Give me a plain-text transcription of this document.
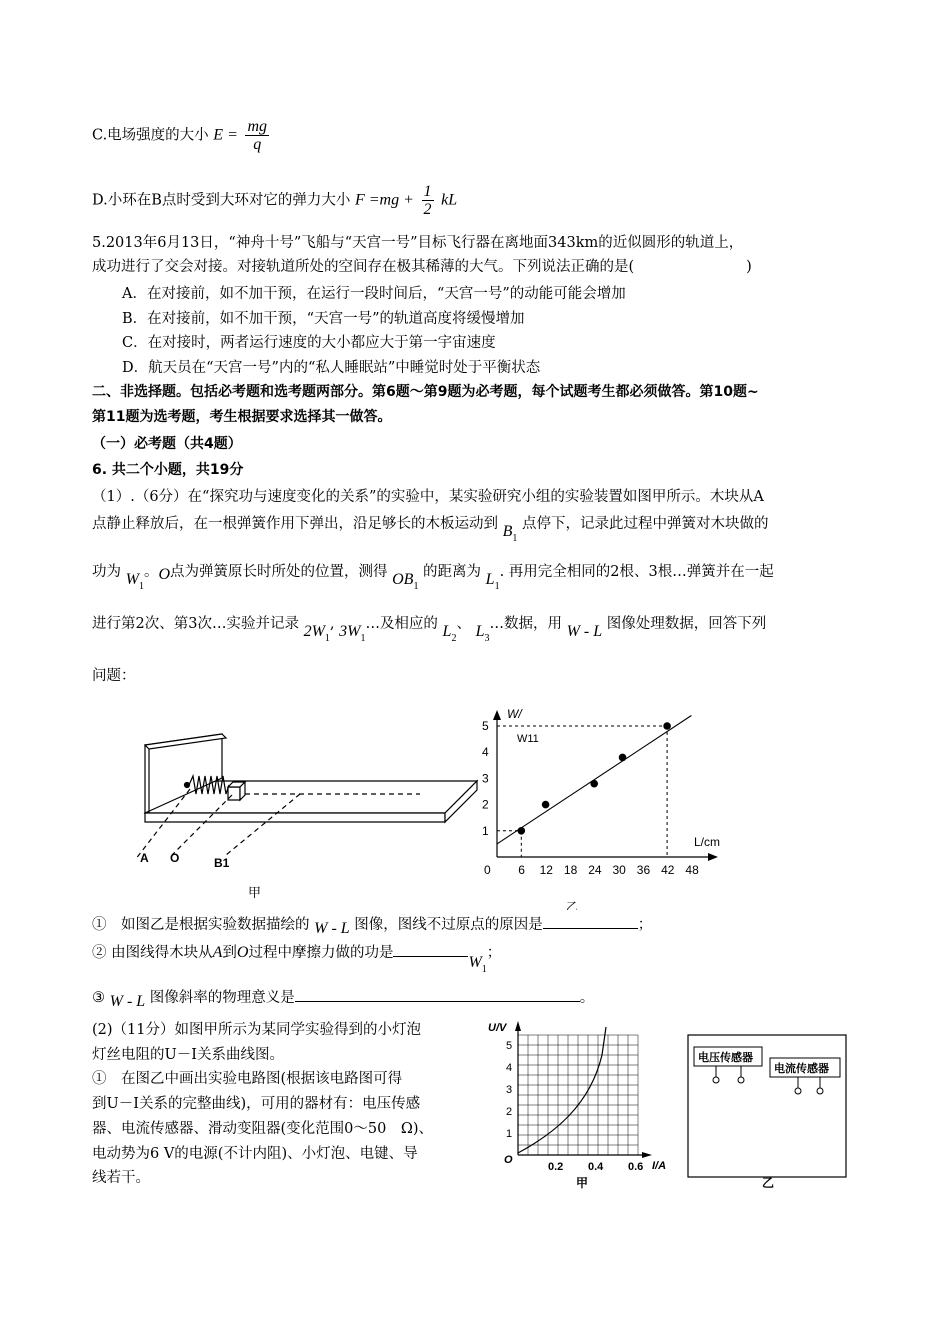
C.电场强度的大小 $E = \frac{mg}{q}$
D.小环在B点时受到大环对它的弹力大小 $F =mg + \frac{1}{2}$ kL
5.2013年6月13日，“神舟十号”飞船与“天宫一号”目标飞行器在离地面343km的近似圆形的轨道上，
成功进行了交会对接。对接轨道所处的空间存在极其稀薄的大气。下列说法正确的是(	)
A．在对接前，如不加干预，在运行一段时间后，“天宫一号”的动能可能会增加
B．在对接前，如不加干预，“天宫一号”的轨道高度将缓慢增加
C．在对接时，两者运行速度的大小都应大于第一宇宙速度
D．航天员在“天宫一号”内的“私人睡眠站”中睡觉时处于平衡状态
二、非选择题。包括必考题和选考题两部分。第6题～第9题为必考题，每个试题考生都必须做答。第10题~
第11题为选考题，考生根据要求选择其一做答。
（一）必考题（共4题）
6. 共二个小题，共19分
（1）.（6分）在“探究功与速度变化的关系”的实验中，某实验研究小组的实验装置如图甲所示。木块从A
点静止释放后，在一根弹簧作用下弹出，沿足够长的木板运动到 $B_1$ 点停下，记录此过程中弹簧对木块做的
功为 $W_1$。O点为弹簧原长时所处的位置，测得 $OB_1$ 的距离为 $L_1$. 再用完全相同的2根、3根…弹簧并在一起
进行第2次、第3次…实验并记录 $2W_1$, $3W_1\dots$及相应的 $L_2$、 $L_3\dots$数据，用 W - L 图像处理数据，回答下列
问题：
A O	B1
甲
W/
L/cm
W11
1
2
3
4
5
0 6 12 18 24 30 36 42 48
乙
①　如图乙是根据实验数据描绘的 W - L 图像，图线不过原点的原因是	；
② 由图线得木块从A到O过程中摩擦力做的功是$W_1$；
③ W - L 图像斜率的物理意义是	。
(2)（11分）如图甲所示为某同学实验得到的小灯泡
灯丝电阻的U－I关系曲线图。
①　在图乙中画出实验电路图(根据该电路图可得
到U－I关系的完整曲线)，可用的器材有：电压传感
器、电流传感器、滑动变阻器(变化范围0～50　Ω)、
电动势为6 V的电源(不计内阻)、小灯泡、电键、导
线若干。
U/V
I/A
O
1
2
3
4
5
0.2 0.4 0.6
甲
电压传感器
电流传感器
乙
